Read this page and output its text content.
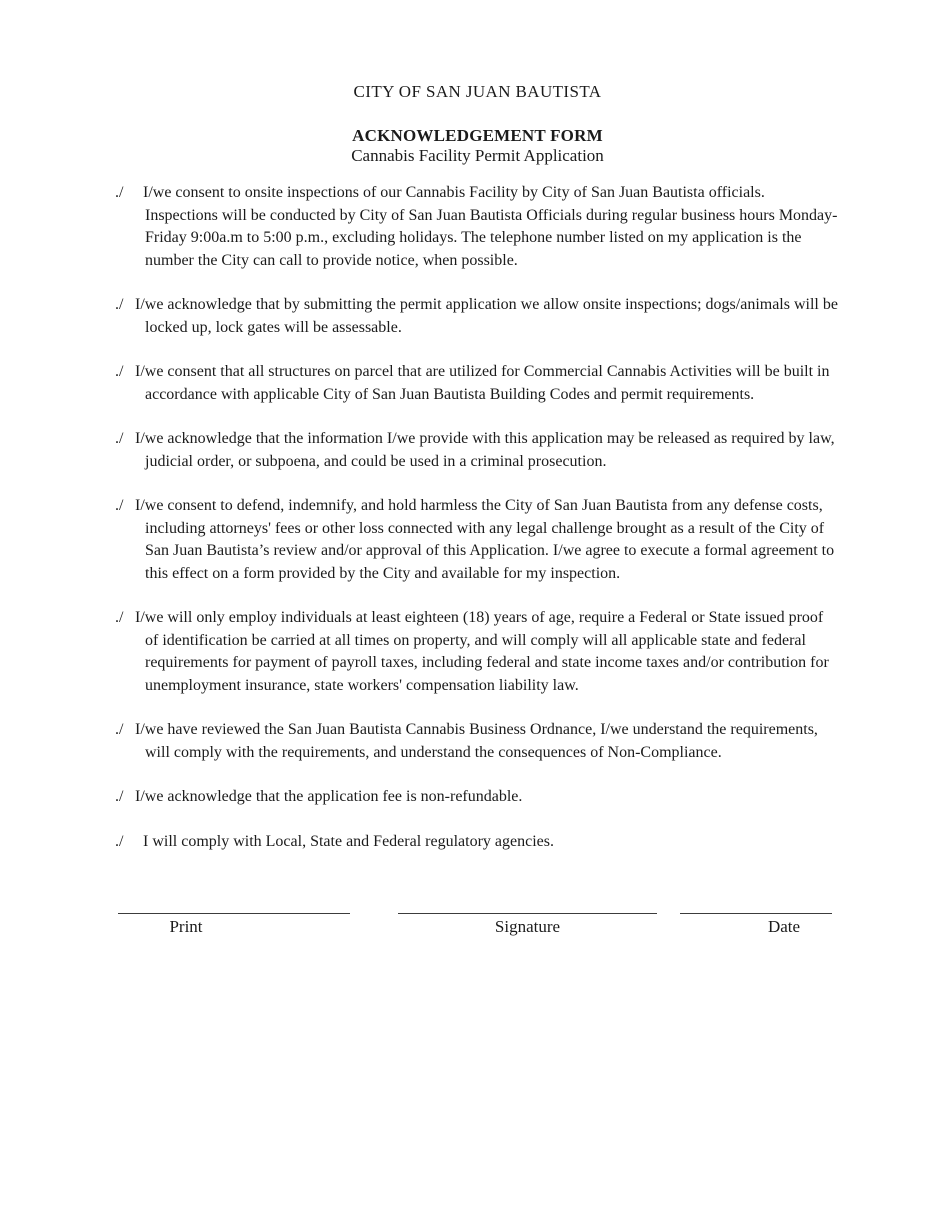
CITY OF SAN JUAN BAUTISTA
ACKNOWLEDGEMENT FORM
Cannabis Facility Permit Application

./ I/we consent to onsite inspections of our Cannabis Facility by City of San Juan Bautista officials. Inspections will be conducted by City of San Juan Bautista Officials during regular business hours Monday-Friday 9:00a.m to 5:00 p.m., excluding holidays. The telephone number listed on my application is the number the City can call to provide notice, when possible.

./ I/we acknowledge that by submitting the permit application we allow onsite inspections; dogs/animals will be locked up, lock gates will be assessable.

./ I/we consent that all structures on parcel that are utilized for Commercial Cannabis Activities will be built in accordance with applicable City of San Juan Bautista Building Codes and permit requirements.

./ I/we acknowledge that the information I/we provide with this application may be released as required by law, judicial order, or subpoena, and could be used in a criminal prosecution.

./ I/we consent to defend, indemnify, and hold harmless the City of San Juan Bautista from any defense costs, including attorneys' fees or other loss connected with any legal challenge brought as a result of the City of San Juan Bautista’s review and/or approval of this Application. I/we agree to execute a formal agreement to this effect on a form provided by the City and available for my inspection.

./ I/we will only employ individuals at least eighteen (18) years of age, require a Federal or State issued proof of identification be carried at all times on property, and will comply will all applicable state and federal requirements for payment of payroll taxes, including federal and state income taxes and/or contribution for unemployment insurance, state workers' compensation liability law.

./ I/we have reviewed the San Juan Bautista Cannabis Business Ordnance, I/we understand the requirements, will comply with the requirements, and understand the consequences of Non-Compliance.

./ I/we acknowledge that the application fee is non-refundable.

./ I will comply with Local, State and Federal regulatory agencies.

Print	Signature	Date
